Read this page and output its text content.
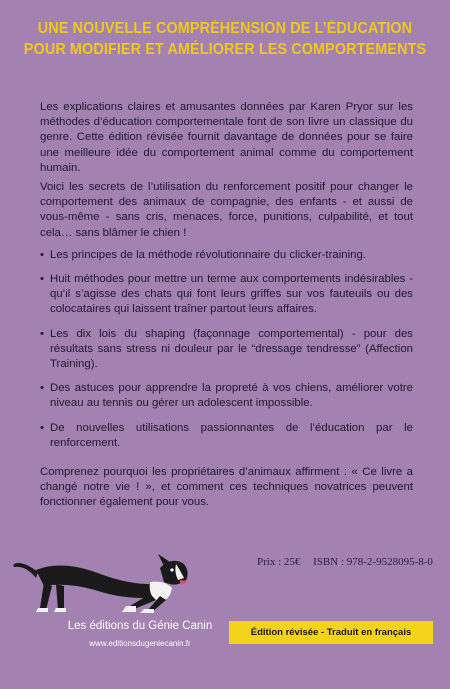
UNE NOUVELLE COMPRÉHENSION DE L’ÉDUCATION
POUR MODIFIER ET AMÉLIORER LES COMPORTEMENTS

Les explications claires et amusantes données par Karen Pryor sur les méthodes d’éducation comportementale font de son livre un classique du genre. Cette édition révisée fournit davantage de données pour se faire une meilleure idée du comportement animal comme du comportement humain.

Voici les secrets de l’utilisation du renforcement positif pour changer le comportement des animaux de compagnie, des enfants - et aussi de vous-même - sans cris, menaces, force, punitions, culpabilité, et tout cela… sans blâmer le chien !

• Les principes de la méthode révolutionnaire du clicker-training.
• Huit méthodes pour mettre un terme aux comportements indésirables - qu’il s’agisse des chats qui font leurs griffes sur vos fauteuils ou des colocataires qui laissent traîner partout leurs affaires.
• Les dix lois du shaping (façonnage comportemental) - pour des résultats sans stress ni douleur par le “dressage tendresse” (Affection Training).
• Des astuces pour apprendre la propreté à vos chiens, améliorer votre niveau au tennis ou gérer un adolescent impossible.
• De nouvelles utilisations passionnantes de l’éducation par le renforcement.

Comprenez pourquoi les propriétaires d’animaux affirment : « Ce livre a changé notre vie ! », et comment ces techniques novatrices peuvent fonctionner également pour vous.

Les éditions du Génie Canin
www.editionsdugeniecanin.fr
Prix : 25€ ISBN : 978-2-9528095-8-0
Édition révisée - Traduit en français
